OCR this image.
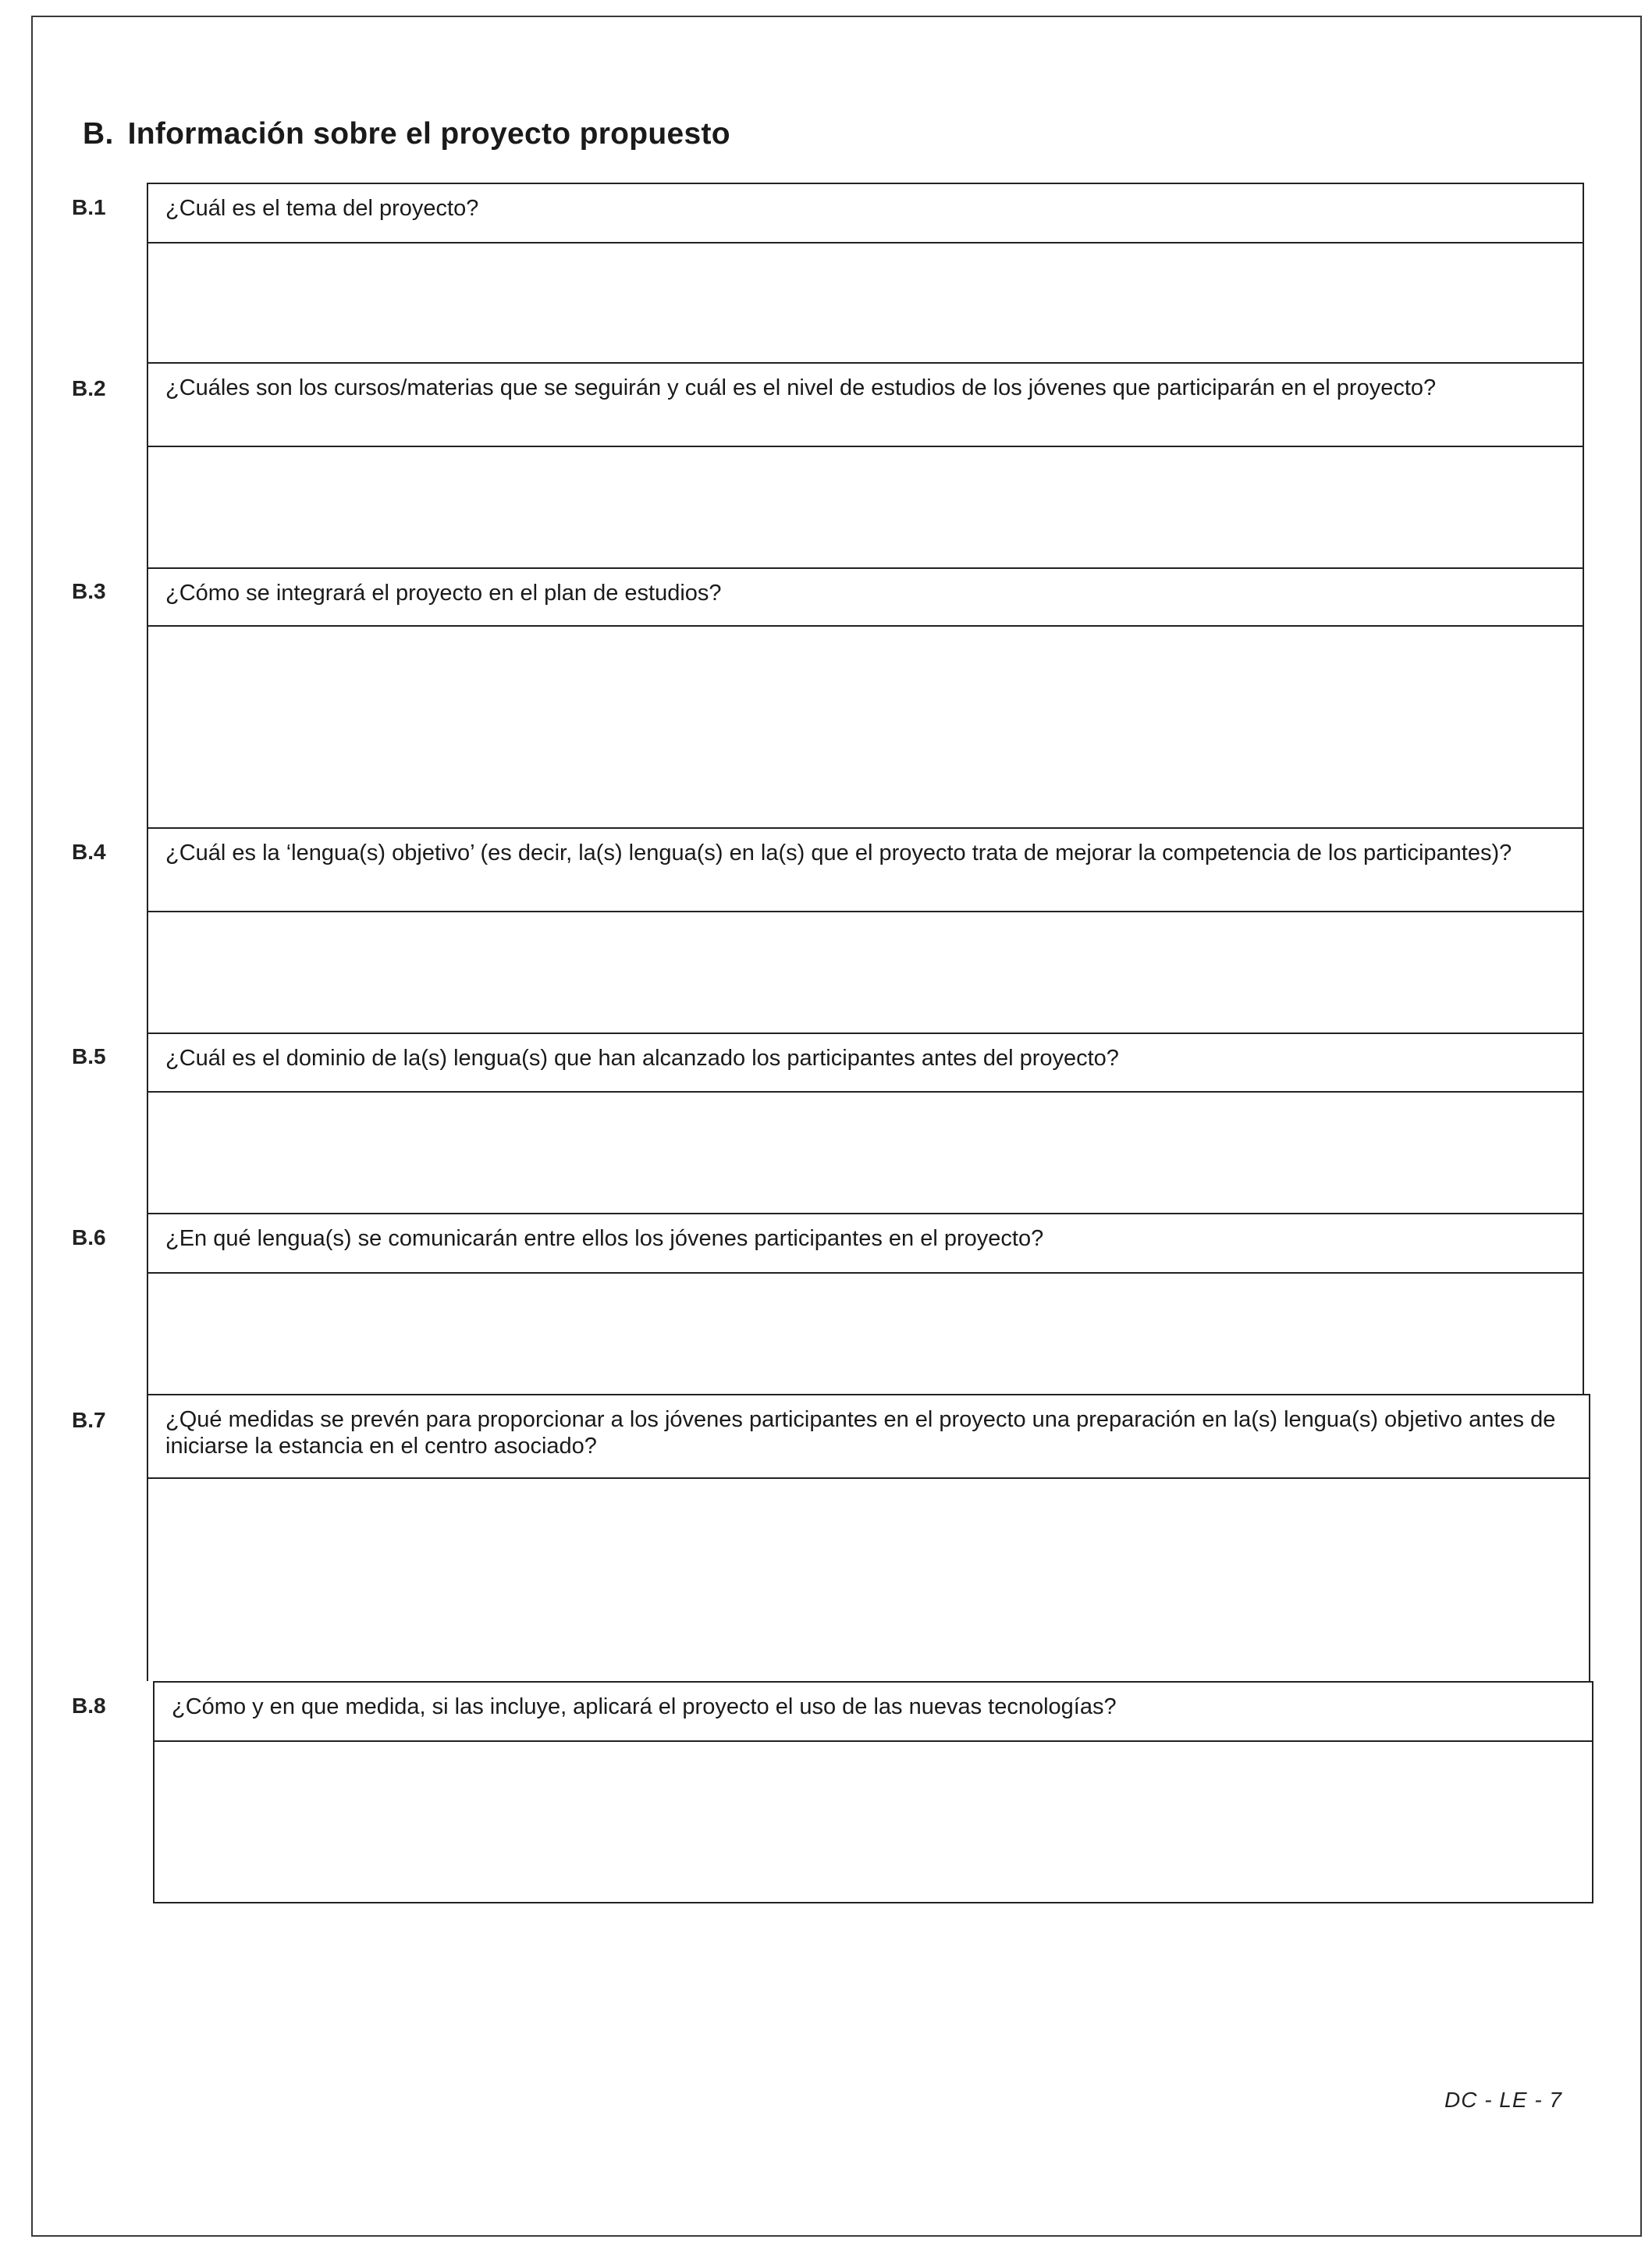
B. Información sobre el proyecto propuesto
B.1	¿Cuál es el tema del proyecto?
B.2	¿Cuáles son los cursos/materias que se seguirán y cuál es el nivel de estudios de los jóvenes que participarán en el proyecto?
B.3	¿Cómo se integrará el proyecto en el plan de estudios?
B.4	¿Cuál es la ‘lengua(s) objetivo’ (es decir, la(s) lengua(s) en la(s) que el proyecto trata de mejorar la competencia de los participantes)?
B.5	¿Cuál es el dominio de la(s) lengua(s) que han alcanzado los participantes antes del proyecto?
B.6	¿En qué lengua(s) se comunicarán entre ellos los jóvenes participantes en el proyecto?
B.7	¿Qué medidas se prevén para proporcionar a los jóvenes participantes en el proyecto una preparación en la(s) lengua(s) objetivo antes de iniciarse la estancia en el centro asociado?
B.8	¿Cómo y en que medida, si las incluye, aplicará el proyecto el uso de las nuevas tecnologías?
DC - LE - 7
